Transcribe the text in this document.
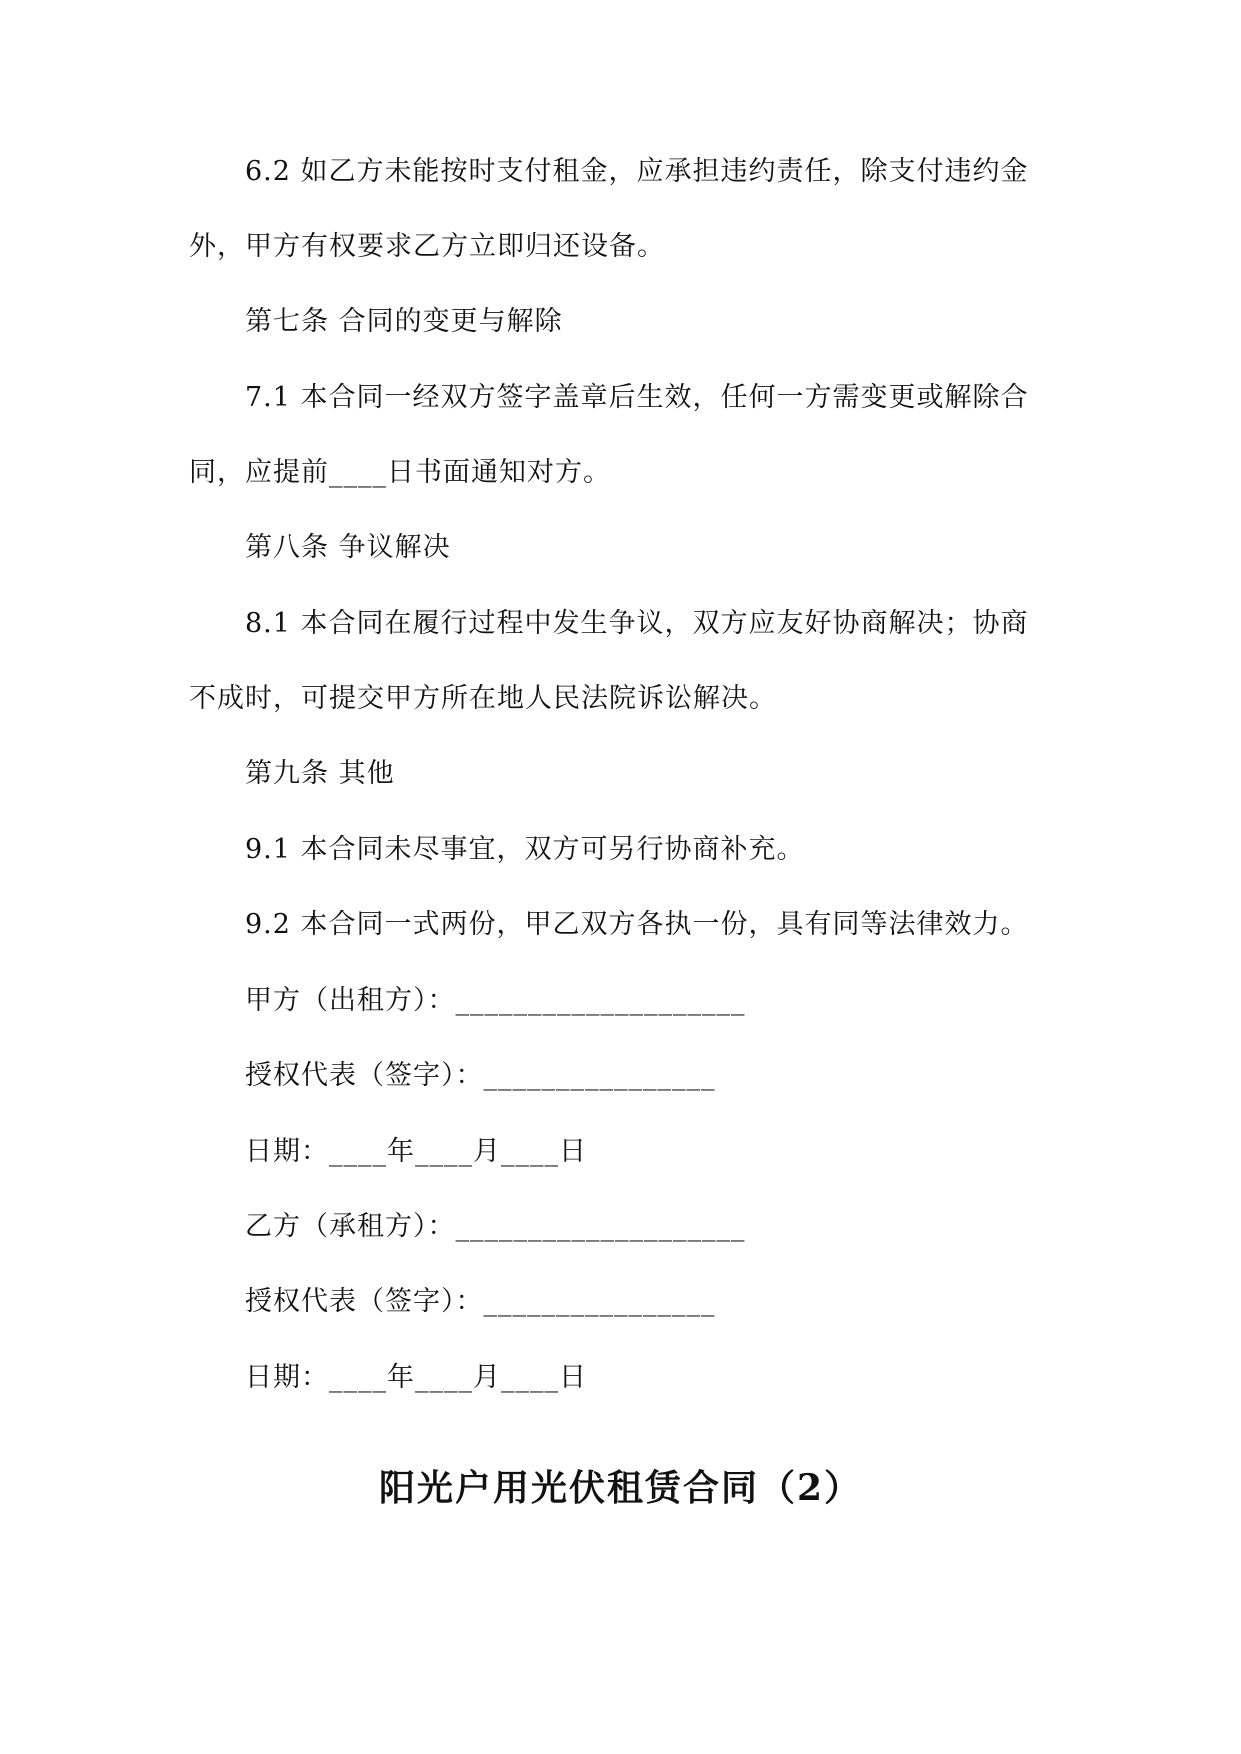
6.2 如乙方未能按时支付租金，应承担违约责任，除支付违约金
外，甲方有权要求乙方立即归还设备。
第七条 合同的变更与解除
7.1 本合同一经双方签字盖章后生效，任何一方需变更或解除合
同，应提前____日书面通知对方。
第八条 争议解决
8.1 本合同在履行过程中发生争议，双方应友好协商解决；协商
不成时，可提交甲方所在地人民法院诉讼解决。
第九条 其他
9.1 本合同未尽事宜，双方可另行协商补充。
9.2 本合同一式两份，甲乙双方各执一份，具有同等法律效力。
甲方（出租方）：____________________
授权代表（签字）：________________
日期：____年____月____日
乙方（承租方）：____________________
授权代表（签字）：________________
日期：____年____月____日
阳光户用光伏租赁合同（2）
